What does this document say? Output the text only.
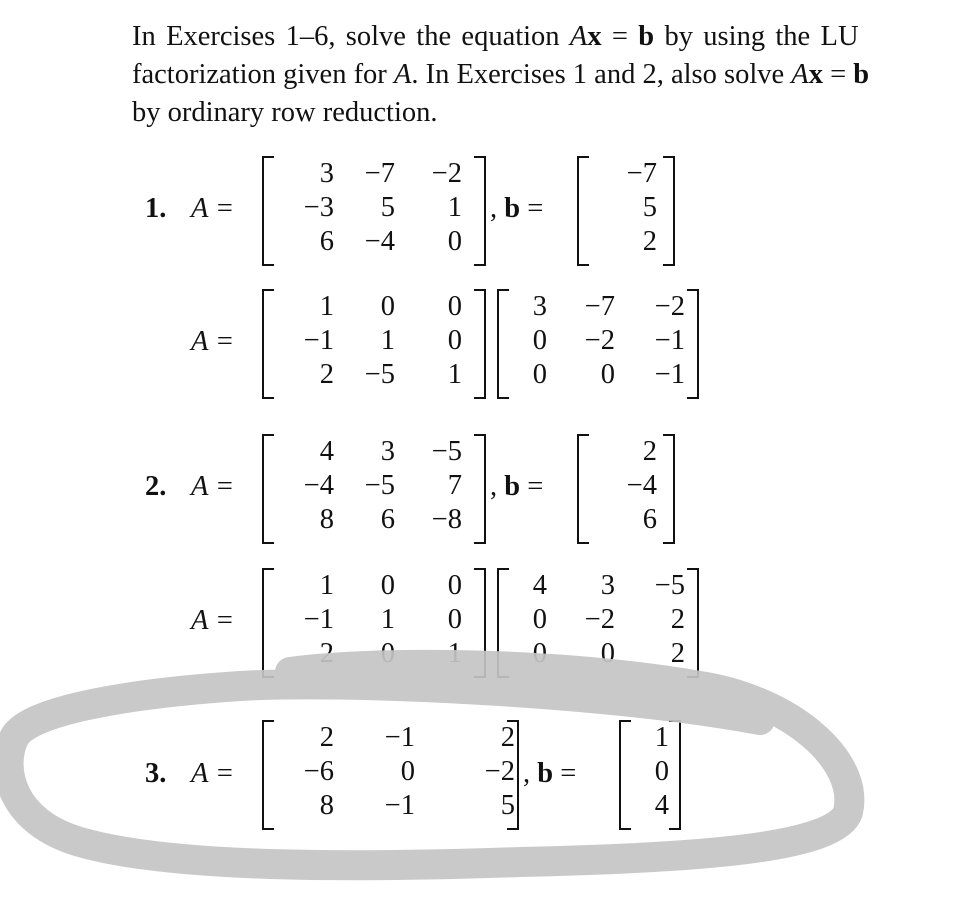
In Exercises 1–6, solve the equation Ax = b by using the LU
factorization given for A. In Exercises 1 and 2, also solve Ax = b
by ordinary row reduction.
1.
2.
3.
A =
A =
A =
A =
A =
, b =
, b =
, b =
3	−7	−2
−3	5	1
6	−4	0
−7
5
2
1	0	0
−1	1	0
2	−5	1
3	−7	−2
0	−2	−1
0	0	−1
4	3	−5
−4	−5	7
8	6	−8
2
−4
6
1	0	0
−1	1	0
2	0	1
4	3	−5
0	−2	2
0	0	2
2	−1	2
−6	0	−2
8	−1	5
1
0
4
